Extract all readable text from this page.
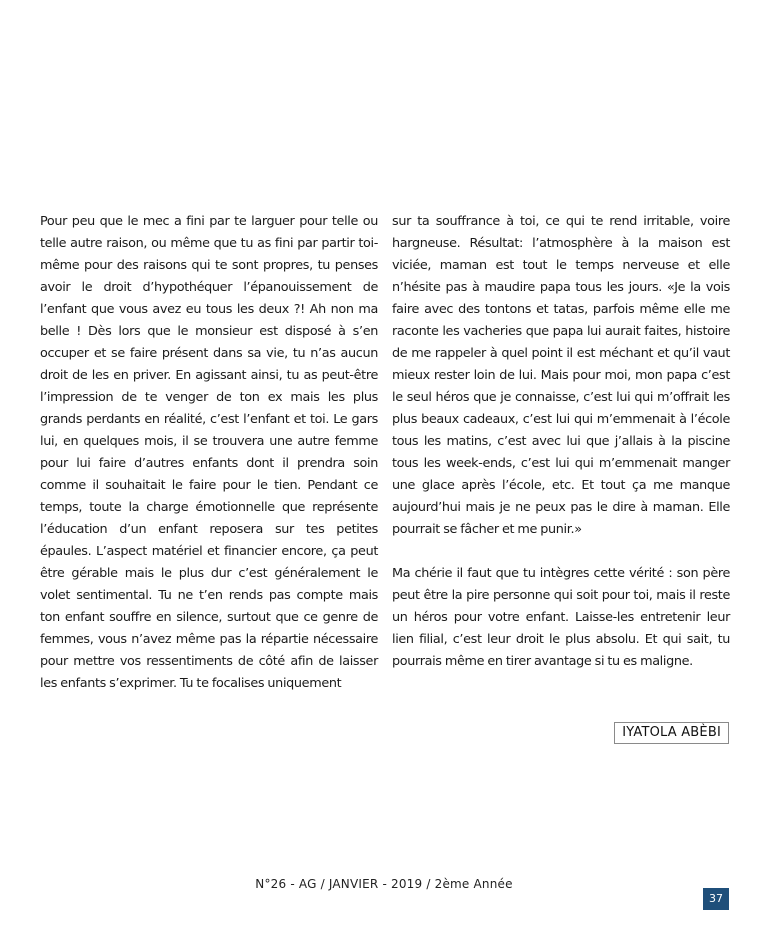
Pour peu que le mec a fini par te larguer pour telle ou telle autre raison, ou même que tu as fini par partir toi-même pour des raisons qui te sont propres, tu penses avoir le droit d’hypothéquer l’épanouissement de l’enfant que vous avez eu tous les deux ?! Ah non ma belle ! Dès lors que le monsieur est disposé à s’en occuper et se faire présent dans sa vie, tu n’as aucun droit de les en priver. En agissant ainsi, tu as peut-être l’impression de te venger de ton ex mais les plus grands perdants en réalité, c’est l’enfant et toi. Le gars lui, en quelques mois, il se trouvera une autre femme pour lui faire d’autres enfants dont il prendra soin comme il souhaitait le faire pour le tien. Pendant ce temps, toute la charge émotionnelle que représente l’éducation d’un enfant reposera sur tes petites épaules. L’aspect matériel et financier encore, ça peut être gérable mais le plus dur c’est généralement le volet sentimental. Tu ne t’en rends pas compte mais ton enfant souffre en silence, surtout que ce genre de femmes, vous n’avez même pas la répartie nécessaire pour mettre vos ressentiments de côté afin de laisser les enfants s’exprimer. Tu te focalises uniquement

sur ta souffrance à toi, ce qui te rend irritable, voire hargneuse. Résultat: l’atmosphère à la maison est viciée, maman est tout le temps nerveuse et elle n’hésite pas à maudire papa tous les jours. «Je la vois faire avec des tontons et tatas, parfois même elle me raconte les vacheries que papa lui aurait faites, histoire de me rappeler à quel point il est méchant et qu’il vaut mieux rester loin de lui. Mais pour moi, mon papa c’est le seul héros que je connaisse, c’est lui qui m’offrait les plus beaux cadeaux, c’est lui qui m’emmenait à l’école tous les matins, c’est avec lui que j’allais à la piscine tous les week-ends, c’est lui qui m’emmenait manger une glace après l’école, etc. Et tout ça me manque aujourd’hui mais je ne peux pas le dire à maman. Elle pourrait se fâcher et me punir.»

Ma chérie il faut que tu intègres cette vérité : son père peut être la pire personne qui soit pour toi, mais il reste un héros pour votre enfant. Laisse-les entretenir leur lien filial, c’est leur droit le plus absolu. Et qui sait, tu pourrais même en tirer avantage si tu es maligne.

IYATOLA ABÈBI
N°26 - AG / JANVIER - 2019 / 2ème Année
37
